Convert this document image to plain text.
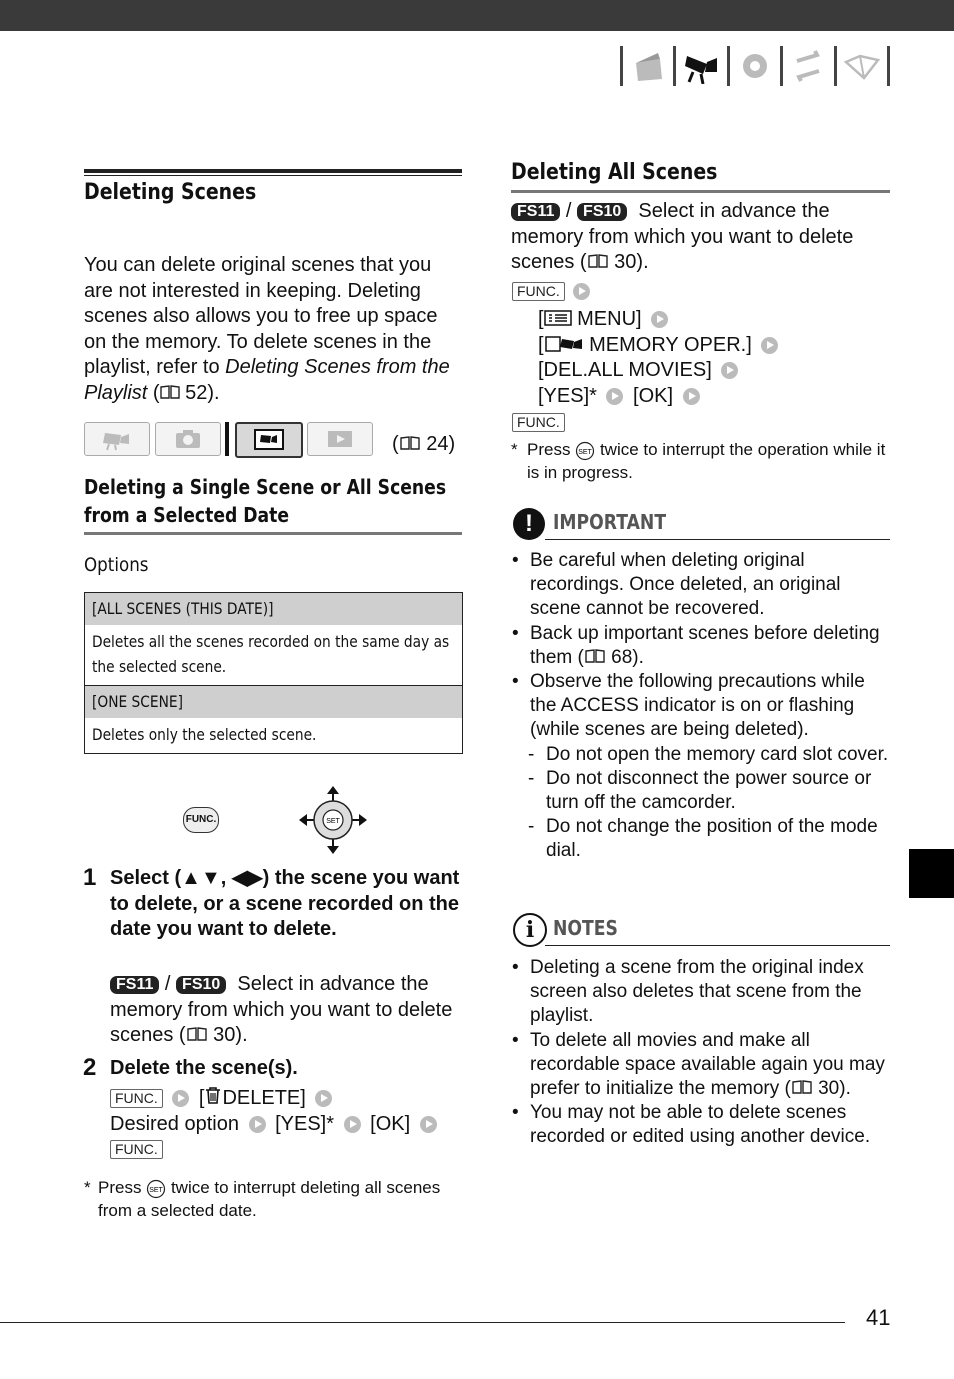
Deleting Scenes
You can delete original scenes that you are not interested in keeping. Deleting scenes also allows you to free up space on the memory. To delete scenes in the playlist, refer to Deleting Scenes from the Playlist ( 52).
( 24)
Deleting a Single Scene or All Scenes
from a Selected Date
Options
[ALL SCENES (THIS DATE)]
Deletes all the scenes recorded on the same day as the selected scene.
[ONE SCENE]
Deletes only the selected scene.
FUNC.	SET
1 Select (▲▼, ◀▶) the scene you want to delete, or a scene recorded on the date you want to delete.
FS11 / FS10 Select in advance the memory from which you want to delete scenes ( 30).
2 Delete the scene(s).
FUNC.  [ DELETE]
Desired option [YES]* [OK]
FUNC.
* Press SET twice to interrupt deleting all scenes from a selected date.
Deleting All Scenes
FS11 / FS10 Select in advance the memory from which you want to delete scenes ( 30).
FUNC.
[ MENU]
[ MEMORY OPER.]
[DEL.ALL MOVIES]
[YES]* [OK]
FUNC.
* Press SET twice to interrupt the operation while it is in progress.
!	IMPORTANT
• Be careful when deleting original recordings. Once deleted, an original scene cannot be recovered.
• Back up important scenes before deleting them ( 68).
• Observe the following precautions while the ACCESS indicator is on or flashing (while scenes are being deleted).
- Do not open the memory card slot cover.
- Do not disconnect the power source or turn off the camcorder.
- Do not change the position of the mode dial.
i NOTES
• Deleting a scene from the original index screen also deletes that scene from the playlist.
• To delete all movies and make all recordable space available again you may prefer to initialize the memory ( 30).
• You may not be able to delete scenes recorded or edited using another device.
41
